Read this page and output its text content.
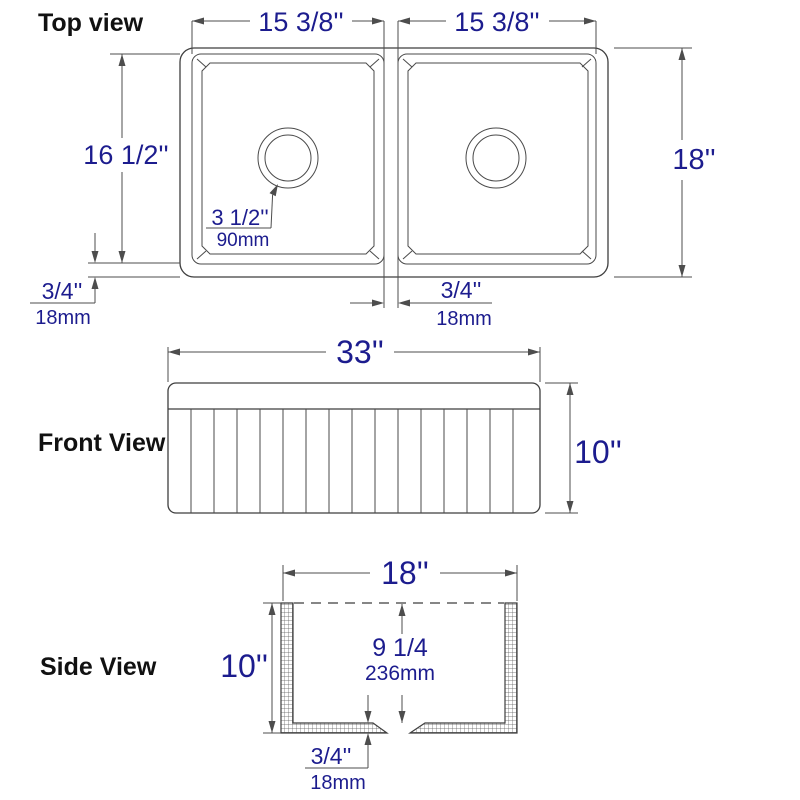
Top view	15 3/8''	15 3/8''
16 1/2''	18''
3/4''
18mm
3/4''
18mm
3 1/2''
90mm
Front View
33''
10''
Side View
18''
10''	9 1/4
236mm
3/4''
18mm
